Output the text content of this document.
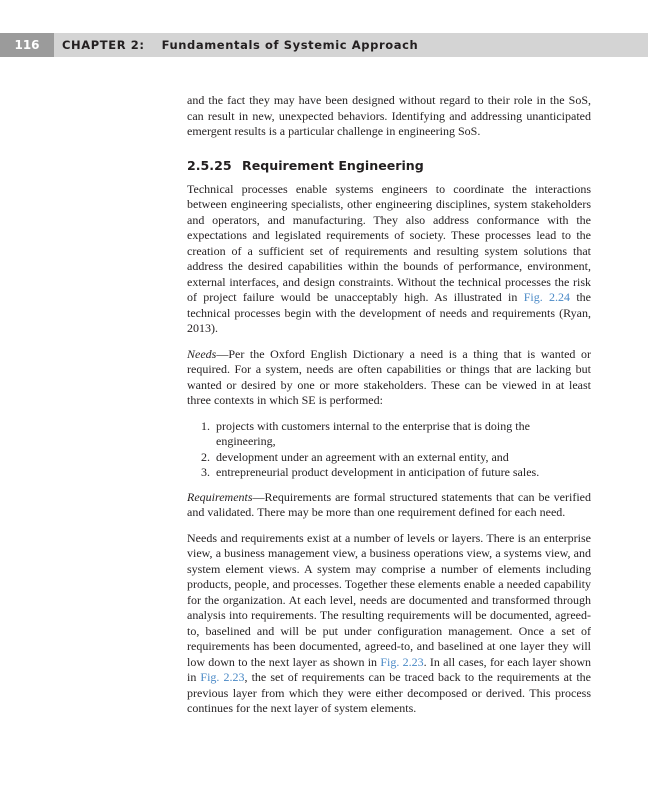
116	CHAPTER 2: Fundamentals of Systemic Approach

and the fact they may have been designed without regard to their role in the SoS, can result in new, unexpected behaviors. Identifying and addressing unanticipated emergent results is a particular challenge in engineering SoS.

2.5.25 Requirement Engineering

Technical processes enable systems engineers to coordinate the interactions between engineering specialists, other engineering disciplines, system stakeholders and operators, and manufacturing. They also address conformance with the expectations and legislated requirements of society. These processes lead to the creation of a sufficient set of requirements and resulting system solutions that address the desired capabilities within the bounds of performance, environment, external interfaces, and design constraints. Without the technical processes the risk of project failure would be unacceptably high. As illustrated in Fig. 2.24 the technical processes begin with the development of needs and requirements (Ryan, 2013).

Needs—Per the Oxford English Dictionary a need is a thing that is wanted or required. For a system, needs are often capabilities or things that are lacking but wanted or desired by one or more stakeholders. These can be viewed in at least three contexts in which SE is performed:

1. projects with customers internal to the enterprise that is doing the engineering,
2. development under an agreement with an external entity, and
3. entrepreneurial product development in anticipation of future sales.

Requirements—Requirements are formal structured statements that can be verified and validated. There may be more than one requirement defined for each need.

Needs and requirements exist at a number of levels or layers. There is an enterprise view, a business management view, a business operations view, a systems view, and system element views. A system may comprise a number of elements including products, people, and processes. Together these elements enable a needed capability for the organization. At each level, needs are documented and transformed through analysis into requirements. The resulting requirements will be documented, agreed-to, baselined and will be put under configuration management. Once a set of requirements has been documented, agreed-to, and baselined at one layer they will low down to the next layer as shown in Fig. 2.23. In all cases, for each layer shown in Fig. 2.23, the set of requirements can be traced back to the requirements at the previous layer from which they were either decomposed or derived. This process continues for the next layer of system elements.
